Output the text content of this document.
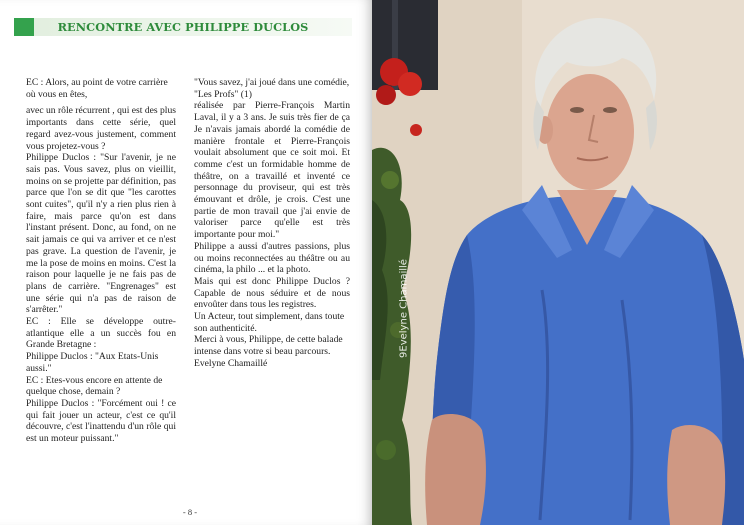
RENCONTRE AVEC PHILIPPE DUCLOS

EC : Alors, au point de votre carrière où vous en êtes,

avec un rôle récurrent , qui est des plus importants dans cette série, quel regard avez-vous justement, comment vous projetez-vous ?

Philippe Duclos : "Sur l'avenir, je ne sais pas. Vous savez, plus on vieillit, moins on se projette par définition, pas parce que l'on se dit que "les carottes sont cuites", qu'il n'y a rien plus rien à faire, mais parce qu'on est dans l'instant présent. Donc, au fond, on ne sait jamais ce qui va arriver et ce n'est pas grave. La question de l'avenir, je me la pose de moins en moins. C'est la raison pour laquelle je ne fais pas de plans de carrière. "Engrenages" est une série qui n'a pas de raison de s'arrêter."

EC : Elle se développe outre-atlantique elle a un succès fou en Grande Bretagne :

Philippe Duclos : "Aux Etats-Unis aussi."

EC : Etes-vous encore en attente de quelque chose, demain ?

Philippe Duclos : "Forcément oui ! ce qui fait jouer un acteur, c'est ce qu'il découvre, c'est l'inattendu d'un rôle qui est un moteur puissant."

"Vous savez, j'ai joué dans une comédie, "Les Profs" (1)

réalisée par Pierre-François Martin Laval, il y a 3 ans. Je suis très fier de ça Je n'avais jamais abordé la comédie de manière frontale et Pierre-François voulait absolument que ce soit moi. Et comme c'est un formidable homme de théâtre, on a travaillé et inventé ce personnage du proviseur, qui est très émouvant et drôle, je crois. C'est une partie de mon travail que j'ai envie de valoriser parce qu'elle est très importante pour moi."

Philippe a aussi d'autres passions, plus ou moins reconnectées au théâtre ou au cinéma, la philo ... et la photo.

Mais qui est donc Philippe Duclos ? Capable de nous séduire et de nous envoûter dans tous les registres.

Un Acteur, tout simplement, dans toute son authenticité.

Merci à vous, Philippe, de cette balade intense dans votre si beau parcours.

Evelyne Chamaillé

- 8 -
9Evelyne Chamaillé
